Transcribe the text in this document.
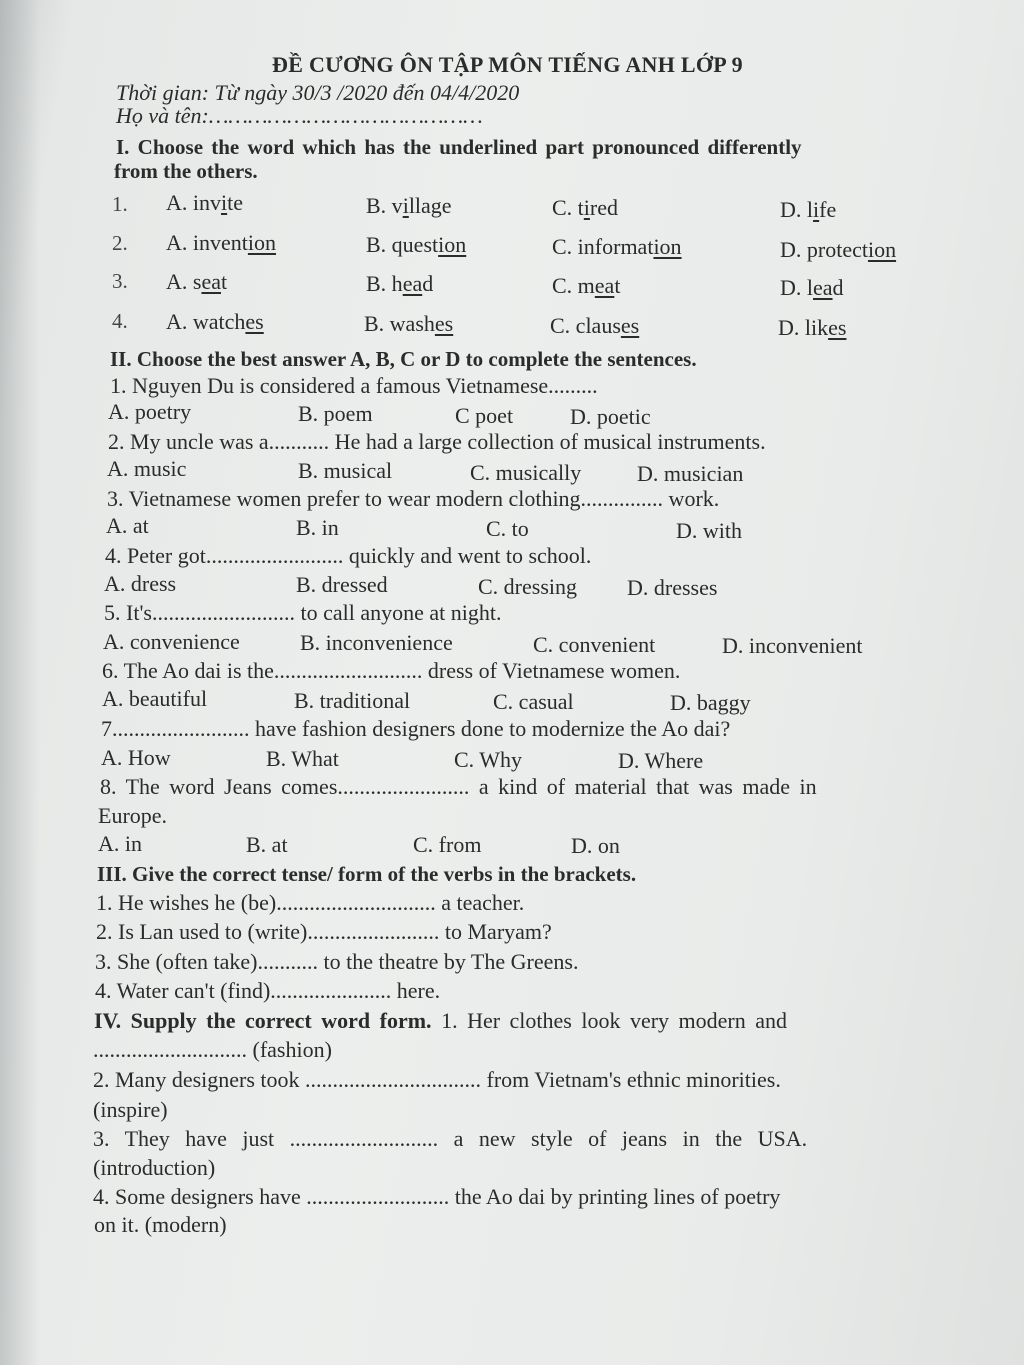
ĐỀ CƯƠNG ÔN TẬP MÔN TIẾNG ANH LỚP 9
Thời gian: Từ ngày 30/3 /2020 đến 04/4/2020
Họ và tên:……………………………………
I. Choose the word which has the underlined part pronounced differently
from the others.
1. A. invite	B. village	C. tired	D. life
2. A. invention	B. question	C. information	D. protection
3. A. seat	B. head	C. meat	D. lead
4. A. watches	B. washes	C. clauses	D. likes
II. Choose the best answer A, B, C or D to complete the sentences.
1. Nguyen Du is considered a famous Vietnamese.........
A. poetry	B. poem	C poet	D. poetic
2. My uncle was a........... He had a large collection of musical instruments.
A. music	B. musical	C. musically	D. musician
3. Vietnamese women prefer to wear modern clothing............... work.
A. at	B. in	C. to	D. with
4. Peter got......................... quickly and went to school.
A. dress	B. dressed	C. dressing D. dresses
5. It's.......................... to call anyone at night.
A. convenience	B. inconvenience	C. convenient	D. inconvenient
6. The Ao dai is the........................... dress of Vietnamese women.
A. beautiful	B. traditional	C. casual	D. baggy
7......................... have fashion designers done to modernize the Ao dai?
A. How	B. What	C. Why	D. Where
8. The word Jeans comes........................ a kind of material that was made in
Europe.
A. in	B. at	C. from	D. on
III. Give the correct tense/ form of the verbs in the brackets.
1. He wishes he (be)............................. a teacher.
2. Is Lan used to (write)........................ to Maryam?
3. She (often take)........... to the theatre by The Greens.
4. Water can't (find)...................... here.
IV. Supply the correct word form. 1. Her clothes look very modern and
............................ (fashion)
2. Many designers took ................................ from Vietnam's ethnic minorities.
(inspire)
3. They have just ........................... a new style of jeans in the USA.
(introduction)
4. Some designers have .......................... the Ao dai by printing lines of poetry
on it. (modern)
